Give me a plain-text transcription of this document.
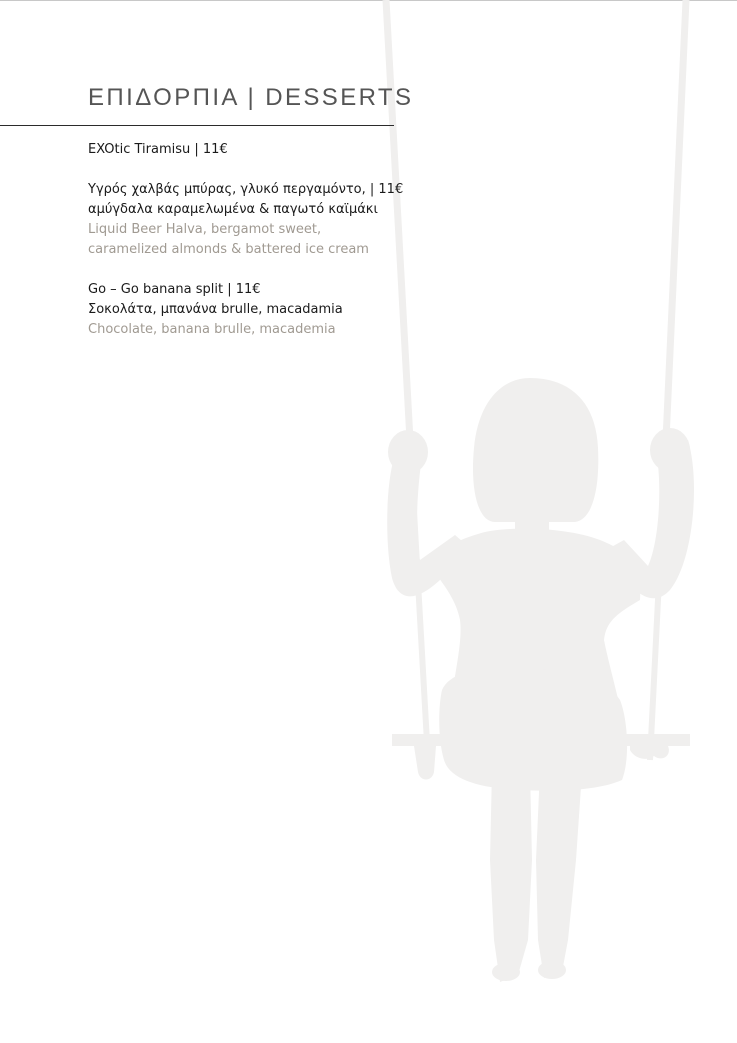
ΕΠΙΔΟΡΠΙΑ | DESSERTS
EXOtic Tiramisu | 11€
Υγρός χαλβάς μπύρας, γλυκό περγαμόντο, | 11€
αμύγδαλα καραμελωμένα & παγωτό καϊμάκι
Liquid Beer Halva, bergamot sweet,
caramelized almonds & battered ice cream
Go – Go banana split | 11€
Σοκολάτα, μπανάνα brulle, macadamia
Chocolate, banana brulle, macademia
